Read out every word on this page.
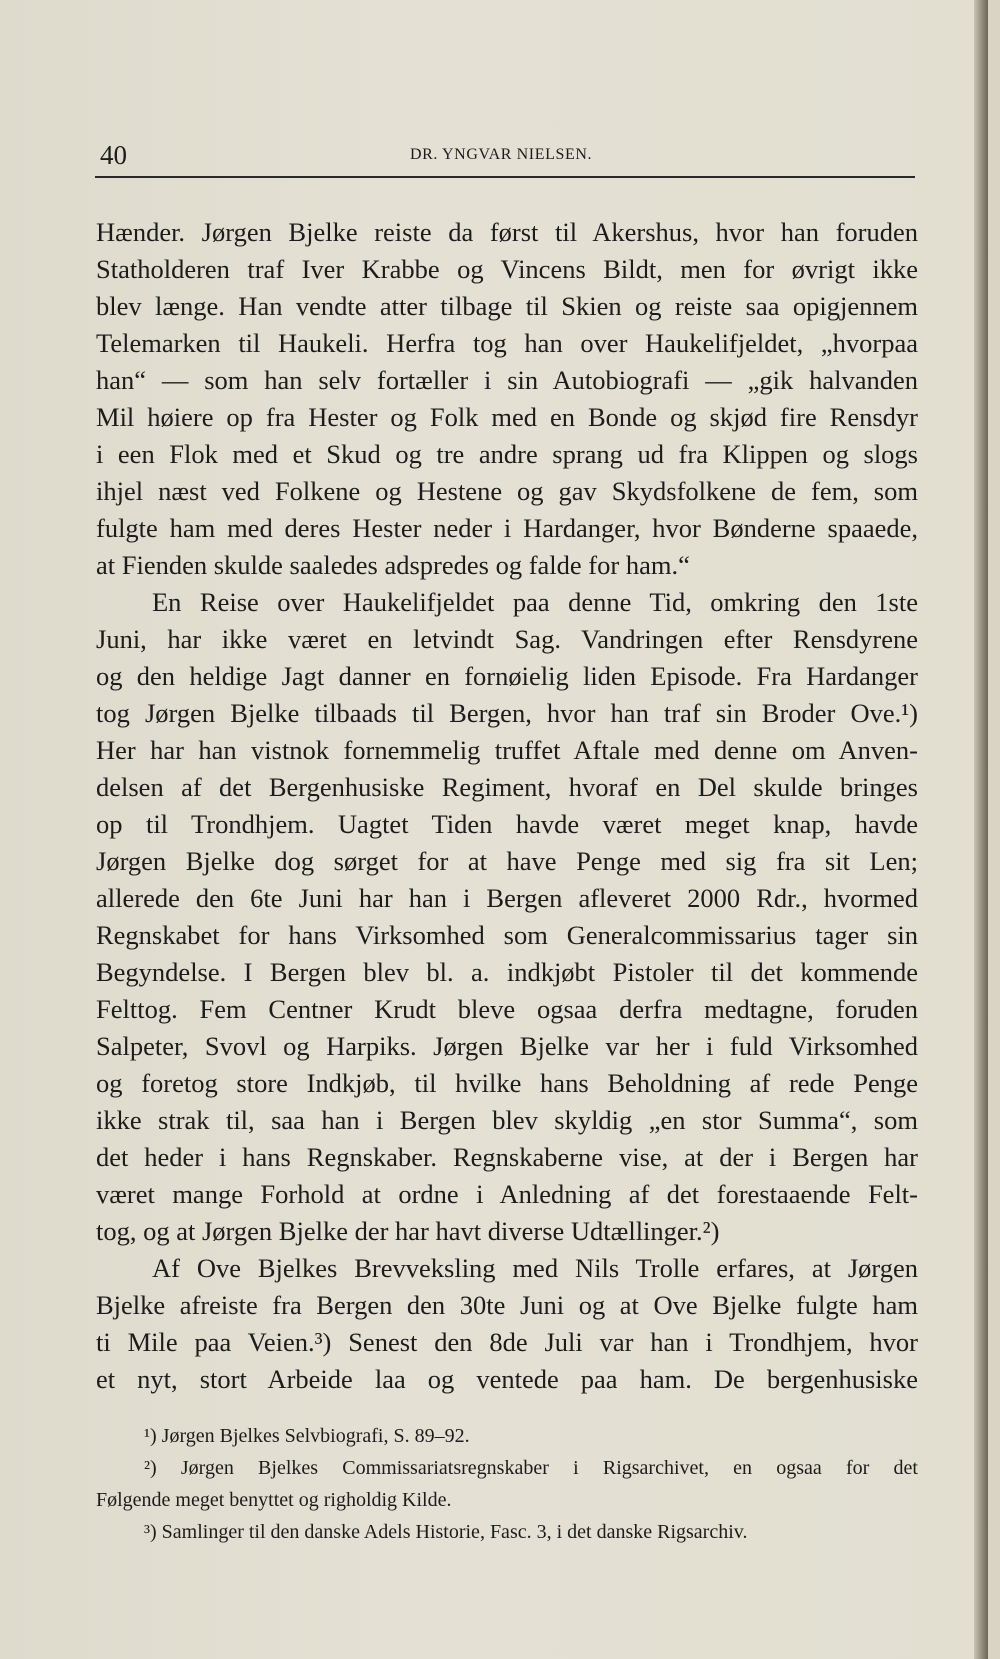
40	DR. YNGVAR NIELSEN.
Hænder. Jørgen Bjelke reiste da først til Akershus, hvor han foruden
Statholderen traf Iver Krabbe og Vincens Bildt, men for øvrigt ikke
blev længe. Han vendte atter tilbage til Skien og reiste saa opigjennem
Telemarken til Haukeli. Herfra tog han over Haukelifjeldet, „hvorpaa
han“ — som han selv fortæller i sin Autobiografi — „gik halvanden
Mil høiere op fra Hester og Folk med en Bonde og skjød fire Rensdyr
i een Flok med et Skud og tre andre sprang ud fra Klippen og slogs
ihjel næst ved Folkene og Hestene og gav Skydsfolkene de fem, som
fulgte ham med deres Hester neder i Hardanger, hvor Bønderne spaaede,
at Fienden skulde saaledes adspredes og falde for ham.“
En Reise over Haukelifjeldet paa denne Tid, omkring den 1ste
Juni, har ikke været en letvindt Sag. Vandringen efter Rensdyrene
og den heldige Jagt danner en fornøielig liden Episode. Fra Hardanger
tog Jørgen Bjelke tilbaads til Bergen, hvor han traf sin Broder Ove.¹)
Her har han vistnok fornemmelig truffet Aftale med denne om Anven-
delsen af det Bergenhusiske Regiment, hvoraf en Del skulde bringes
op til Trondhjem. Uagtet Tiden havde været meget knap, havde
Jørgen Bjelke dog sørget for at have Penge med sig fra sit Len;
allerede den 6te Juni har han i Bergen afleveret 2000 Rdr., hvormed
Regnskabet for hans Virksomhed som Generalcommissarius tager sin
Begyndelse. I Bergen blev bl. a. indkjøbt Pistoler til det kommende
Felttog. Fem Centner Krudt bleve ogsaa derfra medtagne, foruden
Salpeter, Svovl og Harpiks. Jørgen Bjelke var her i fuld Virksomhed
og foretog store Indkjøb, til hvilke hans Beholdning af rede Penge
ikke strak til, saa han i Bergen blev skyldig „en stor Summa“, som
det heder i hans Regnskaber. Regnskaberne vise, at der i Bergen har
været mange Forhold at ordne i Anledning af det forestaaende Felt-
tog, og at Jørgen Bjelke der har havt diverse Udtællinger.²)
Af Ove Bjelkes Brevveksling med Nils Trolle erfares, at Jørgen
Bjelke afreiste fra Bergen den 30te Juni og at Ove Bjelke fulgte ham
ti Mile paa Veien.³) Senest den 8de Juli var han i Trondhjem, hvor
et nyt, stort Arbeide laa og ventede paa ham. De bergenhusiske
¹) Jørgen Bjelkes Selvbiografi, S. 89–92.
²) Jørgen Bjelkes Commissariatsregnskaber i Rigsarchivet, en ogsaa for det
Følgende meget benyttet og righoldig Kilde.
³) Samlinger til den danske Adels Historie, Fasc. 3, i det danske Rigsarchiv.
